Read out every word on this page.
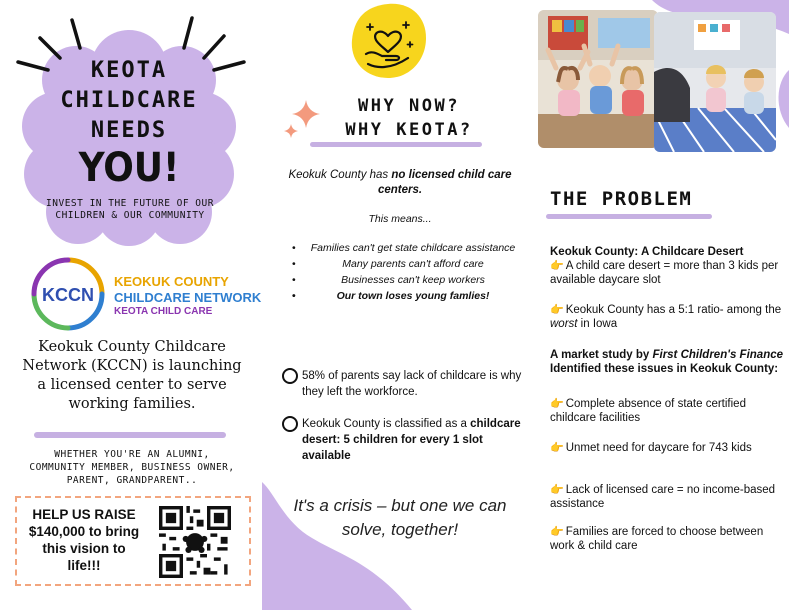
KEOTA
CHILDCARE
NEEDS
YOU!
INVEST IN THE FUTURE OF OUR CHILDREN & OUR COMMUNITY
KCCN
KEOKUK COUNTY
CHILDCARE NETWORK
KEOTA CHILD CARE
Keokuk County Childcare Network (KCCN) is launching a licensed center to serve working families.
WHETHER YOU'RE AN ALUMNI, COMMUNITY MEMBER, BUSINESS OWNER, PARENT, GRANDPARENT..
HELP US RAISE $140,000 to bring this vision to life!!!
WHY NOW?
WHY KEOTA?
Keokuk County has no licensed child care centers.
This means...
• Families can't get state childcare assistance
• Many parents can't afford care
• Businesses can't keep workers
• Our town loses young famlies!
58% of parents say lack of childcare is why they left the workforce.
Keokuk County is classified as a childcare desert: 5 children for every 1 slot available
It's a crisis – but one we can solve, together!
THE PROBLEM
Keokuk County: A Childcare Desert
👉 A child care desert = more than 3 kids per available daycare slot
👉 Keokuk County has a 5:1 ratio- among the worst in Iowa
A market study by First Children's Finance Identified these issues in Keokuk County:
👉 Complete absence of state certified childcare facilities
👉 Unmet need for daycare for 743 kids
👉 Lack of licensed care = no income-based assistance
👉 Families are forced to choose between work & child care
